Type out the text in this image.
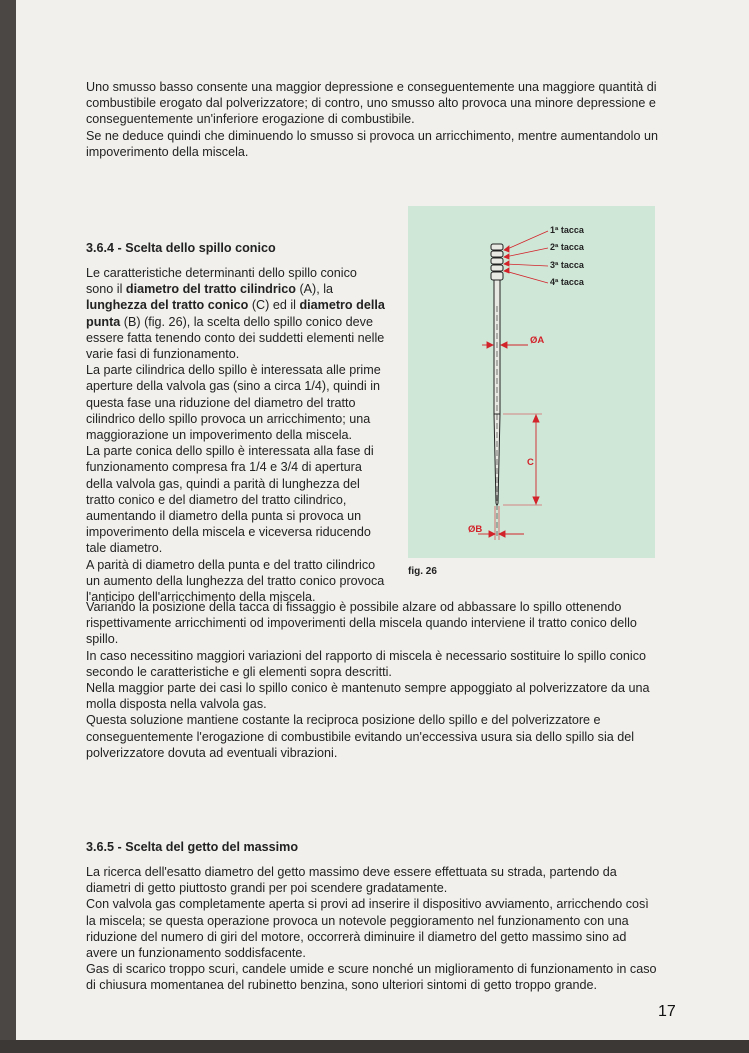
Uno smusso basso consente una maggior depressione e conseguentemente una maggiore quantità di combustibile erogato dal polverizzatore; di contro, uno smusso alto provoca una minore depressione e conseguentemente un'inferiore erogazione di combustibile.

Se ne deduce quindi che diminuendo lo smusso si provoca un arricchimento, mentre aumentandolo un impoverimento della miscela.

3.6.4 - Scelta dello spillo conico

Le caratteristiche determinanti dello spillo conico sono il diametro del tratto cilindrico (A), la lunghezza del tratto conico (C) ed il diametro della punta (B) (fig. 26), la scelta dello spillo conico deve essere fatta tenendo conto dei suddetti elementi nelle varie fasi di funzionamento.

La parte cilindrica dello spillo è interessata alle prime aperture della valvola gas (sino a circa 1/4), quindi in questa fase una riduzione del diametro del tratto cilindrico dello spillo provoca un arricchimento; una maggiorazione un impoverimento della miscela.

La parte conica dello spillo è interessata alla fase di funzionamento compresa fra 1/4 e 3/4 di apertura della valvola gas, quindi a parità di lunghezza del tratto conico e del diametro del tratto cilindrico, aumentando il diametro della punta si provoca un impoverimento della miscela e viceversa riducendo tale diametro.

A parità di diametro della punta e del tratto cilindrico un aumento della lunghezza del tratto conico provoca l'anticipo dell'arricchimento della miscela.

1ª tacca
2ª tacca
3ª tacca
4ª tacca
ØA
C
ØB
fig. 26

Variando la posizione della tacca di fissaggio è possibile alzare od abbassare lo spillo ottenendo rispettivamente arricchimenti od impoverimenti della miscela quando interviene il tratto conico dello spillo.

In caso necessitino maggiori variazioni del rapporto di miscela è necessario sostituire lo spillo conico secondo le caratteristiche e gli elementi sopra descritti.

Nella maggior parte dei casi lo spillo conico è mantenuto sempre appoggiato al polverizzatore da una molla disposta nella valvola gas.

Questa soluzione mantiene costante la reciproca posizione dello spillo e del polverizzatore e conseguentemente l'erogazione di combustibile evitando un'eccessiva usura sia dello spillo sia del polverizzatore dovuta ad eventuali vibrazioni.

3.6.5 - Scelta del getto del massimo

La ricerca dell'esatto diametro del getto massimo deve essere effettuata su strada, partendo da diametri di getto piuttosto grandi per poi scendere gradatamente.

Con valvola gas completamente aperta si provi ad inserire il dispositivo avviamento, arricchendo così la miscela; se questa operazione provoca un notevole peggioramento nel funzionamento con una riduzione del numero di giri del motore, occorrerà diminuire il diametro del getto massimo sino ad avere un funzionamento soddisfacente.

Gas di scarico troppo scuri, candele umide e scure nonché un miglioramento di funzionamento in caso di chiusura momentanea del rubinetto benzina, sono ulteriori sintomi di getto troppo grande.

17
